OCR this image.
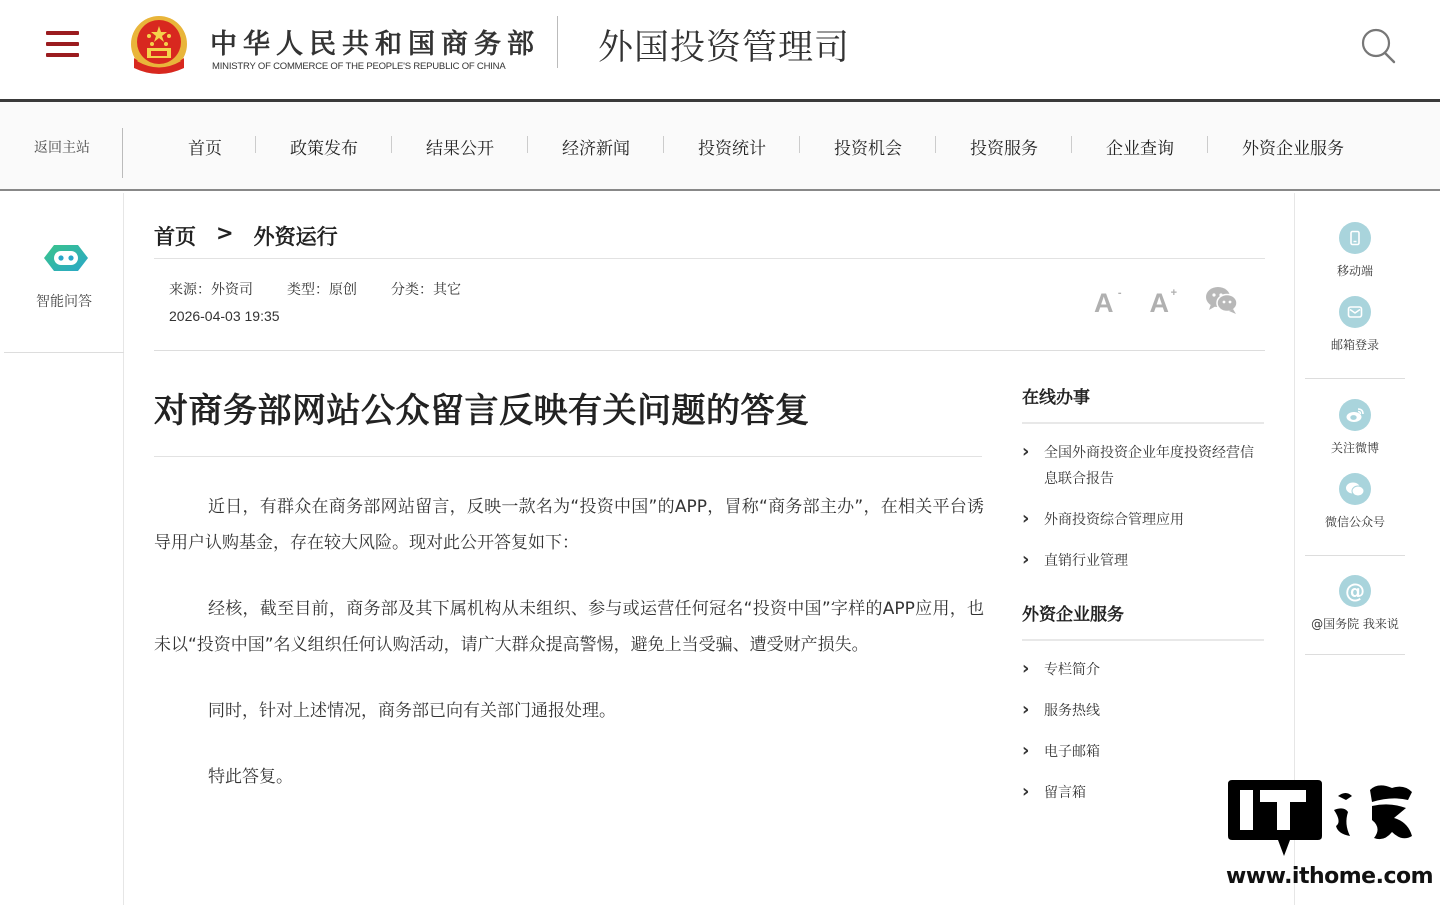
中华人民共和国商务部
MINISTRY OF COMMERCE OF THE PEOPLE'S REPUBLIC OF CHINA	外国投资管理司
返回主站	首页	政策发布	结果公开	经济新闻	投资统计	投资机会	投资服务	企业查询	外资企业服务
智能问答
首页 > 外资运行
来源：外资司 类型：原创 分类：其它
2026-04-03 19:35	A - A +
对商务部网站公众留言反映有关问题的答复

近日，有群众在商务部网站留言，反映一款名为“投资中国”的APP，冒称“商务部主办”，在相关平台诱导用户认购基金，存在较大风险。现对此公开答复如下：

经核，截至目前，商务部及其下属机构从未组织、参与或运营任何冠名“投资中国”字样的APP应用，也未以“投资中国”名义组织任何认购活动，请广大群众提高警惕，避免上当受骗、遭受财产损失。

同时，针对上述情况，商务部已向有关部门通报处理。

特此答复。

在线办事
› 全国外商投资企业年度投资经营信息联合报告
› 外商投资综合管理应用
› 直销行业管理
外资企业服务
› 专栏简介
› 服务热线
› 电子邮箱
› 留言箱
移动端
邮箱登录
关注微博
微信公众号
@
@国务院 我来说
www.ithome.com
